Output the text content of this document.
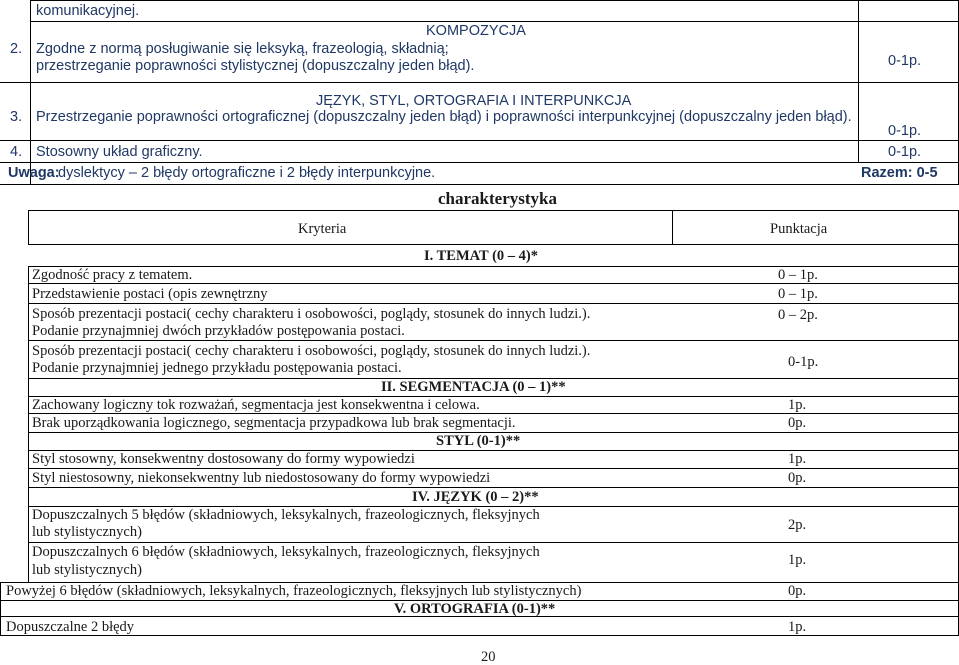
komunikacyjnej.
KOMPOZYCJA
2. Zgodne z normą posługiwanie się leksyką, frazeologią, składnią;
przestrzeganie poprawności stylistycznej (dopuszczalny jeden błąd).	0-1p.
JĘZYK, STYL, ORTOGRAFIA I INTERPUNKCJA
3. Przestrzeganie poprawności ortograficznej (dopuszczalny jeden błąd) i poprawności interpunkcyjnej (dopuszczalny jeden błąd).
0-1p.
4. Stosowny układ graficzny.	0-1p.
Uwaga:
dyslektycy – 2 błędy ortograficzne i 2 błędy interpunkcyjne.	Razem: 0-5
charakterystyka
Kryteria	Punktacja
I. TEMAT (0 – 4)*
Zgodność pracy z tematem.	0 – 1p.
Przedstawienie postaci (opis zewnętrzny	0 – 1p.
Sposób prezentacji postaci( cechy charakteru i osobowości, poglądy, stosunek do innych ludzi.).
Podanie przynajmniej dwóch przykładów postępowania postaci.
0 – 2p.
Sposób prezentacji postaci( cechy charakteru i osobowości, poglądy, stosunek do innych ludzi.).
Podanie przynajmniej jednego przykładu postępowania postaci.	0-1p.
II. SEGMENTACJA (0 – 1)**
Zachowany logiczny tok rozważań, segmentacja jest konsekwentna i celowa.	1p.
Brak uporządkowania logicznego, segmentacja przypadkowa lub brak segmentacji.	0p.
STYL (0-1)**
Styl stosowny, konsekwentny dostosowany do formy wypowiedzi	1p.
Styl niestosowny, niekonsekwentny lub niedostosowany do formy wypowiedzi	0p.
IV. JĘZYK (0 – 2)**
Dopuszczalnych 5 błędów (składniowych, leksykalnych, frazeologicznych, fleksyjnych
lub stylistycznych)	2p.
Dopuszczalnych 6 błędów (składniowych, leksykalnych, frazeologicznych, fleksyjnych
lub stylistycznych)
1p.
Powyżej 6 błędów (składniowych, leksykalnych, frazeologicznych, fleksyjnych lub stylistycznych)	0p.
V. ORTOGRAFIA (0-1)**
Dopuszczalne 2 błędy	1p.
20
